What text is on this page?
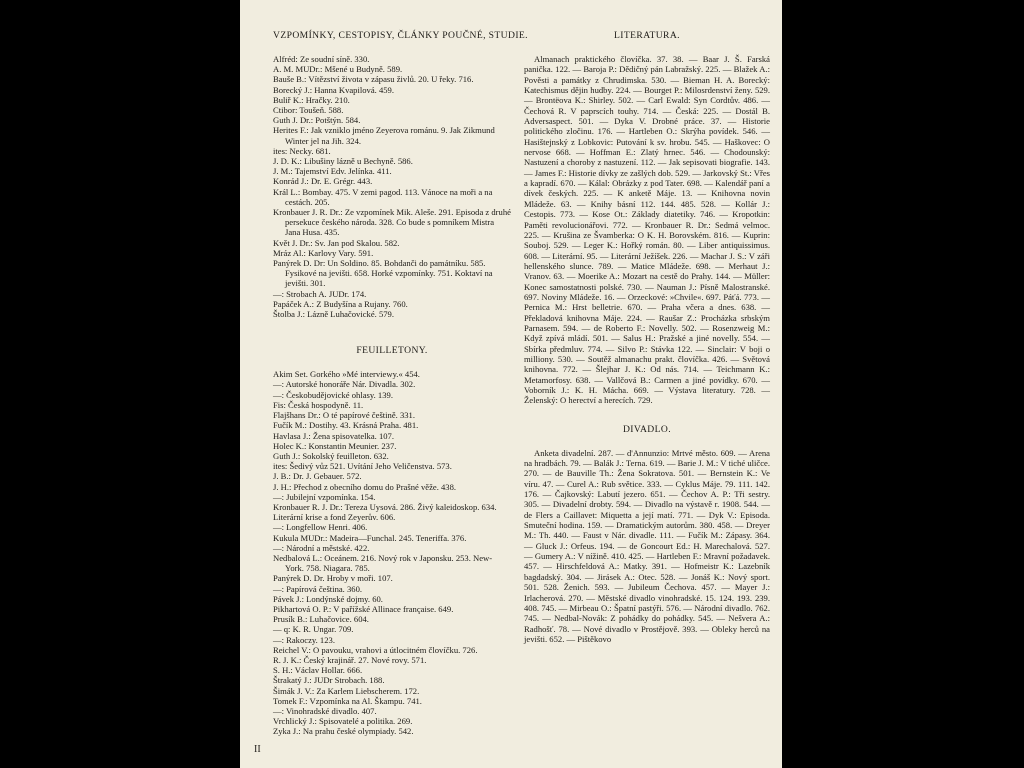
VZPOMÍNKY, CESTOPISY, ČLÁNKY POUČNÉ, STUDIE.

Alfréd: Ze soudní síně. 330.

A. M. MUDr.: Mšené u Budyně. 589.

Bauše B.: Vítězství života v zápasu živlů. 20. U řeky. 716.

Borecký J.: Hanna Kvapilová. 459.

Buliř K.: Hračky. 210.

Ctibor: Toušeň. 588.

Guth J. Dr.: Potštýn. 584.

Herites F.: Jak vzniklo jméno Zeyerova románu. 9. Jak Zikmund Winter jel na Jih. 324.

ites: Necky. 681.

J. D. K.: Libušiny lázně u Bechyně. 586.

J. M.: Tajemství Edv. Jelínka. 411.

Konrád J.: Dr. E. Grégr. 443.

Král L.: Bombay. 475. V zemi pagod. 113. Vánoce na moři a na cestách. 205.

Kronbauer J. R. Dr.: Ze vzpomínek Mik. Aleše. 291. Episoda z druhé persekuce českého národa. 328. Co bude s pomníkem Mistra Jana Husa. 435.

Květ J. Dr.: Sv. Jan pod Skalou. 582.

Mráz Al.: Karlovy Vary. 591.

Panýrek D. Dr: Un Soldino. 85. Bohdanči do památníku. 585. Fysikové na jevišti. 658. Horké vzpomínky. 751. Koktaví na jevišti. 301.

—: Strobach A. JUDr. 174.

Papáček A.: Z Budyšína a Rujany. 760.

Štolba J.: Lázně Luhačovické. 579.

FEUILLETONY.

Akim Set. Gorkého »Mé interviewy.« 454.

—: Autorské honoráře Nár. Divadla. 302.

—: Českobudějovické ohlasy. 139.

Fis: Česká hospodyně. 11.

Flajšhans Dr.: O té papírové češtině. 331.

Fučík M.: Dostihy. 43. Krásná Praha. 481.

Havlasa J.: Žena spisovatelka. 107.

Holec K.: Konstantin Meunier. 237.

Guth J.: Sokolský feuilleton. 632.

ites: Šedivý vůz 521. Uvítání Jeho Veličenstva. 573.

J. B.: Dr. J. Gebauer. 572.

J. H.: Přechod z obecního domu do Prašné věže. 438.

—: Jubilejní vzpomínka. 154.

Kronbauer R. J. Dr.: Tereza Uysová. 286. Živý kaleidoskop. 634.

Literární krise a fond Zeyerův. 606.

—: Longfellow Henri. 406.

Kukula MUDr.: Madeira—Funchal. 245. Teneriffa. 376.

—: Národní a městské. 422.

Nedbalová L.: Oceánem. 216. Nový rok v Japonsku. 253. New-York. 758. Niagara. 785.

Panýrek D. Dr. Hroby v moři. 107.

—: Papírová čeština. 360.

Pávek J.: Londýnské dojmy. 60.

Pikhartová O. P.: V pařížské Allinace française. 649.

Prusík B.: Luhačovice. 604.

— q: K. R. Ungar. 709.

—: Rakoczy. 123.

Reichel V.: O pavouku, vrahovi a útlocitném človíčku. 726.

R. J. K.: Český krajinář. 27. Nové rovy. 571.

S. H.: Václav Hollar. 666.

Štrakatý J.: JUDr Strobach. 188.

Šimák J. V.: Za Karlem Liebscherem. 172.

Tomek F.: Vzpomínka na Al. Škampu. 741.

—: Vinohradské divadlo. 407.

Vrchlický J.: Spisovatelé a politika. 269.

Zyka J.: Na prahu české olympiady. 542.

LITERATURA.

Almanach praktického človíčka. 37. 38. — Baar J. Š. Farská panička. 122. — Baroja P.: Dědičný pán Labražský. 225. — Blažek A.: Pověsti a památky z Chrudimska. 530. — Bieman H. A. Borecký: Katechismus dějin hudby. 224. — Bourget P.: Milosrdenství ženy. 529. — Brontëova K.: Shirley. 502. — Carl Ewald: Syn Cordtův. 486. — Čechová R. V paprscích touhy. 714. — Česká: 225. — Dostál B. Adversaspect. 501. — Dyka V. Drobné práce. 37. — Historie politického zločinu. 176. — Hartleben O.: Skrýha povídek. 546. — Hasištejnský z Lobkovic: Putování k sv. hrobu. 545. — Haškovec: O nervose 668. — Hoffman E.: Zlatý hrnec. 546. — Chodounský: Nastuzení a choroby z nastuzení. 112. — Jak sepisovati biografie. 143. — James F.: Historie dívky ze zašlých dob. 529. — Jarkovský St.: Vřes a kapradí. 670. — Kálal: Obrázky z pod Tater. 698. — Kalendář paní a dívek českých. 225. — K anketě Máje. 13. — Knihovna novin Mládeže. 63. — Knihy básní 112. 144. 485. 528. — Kollár J.: Cestopis. 773. — Kose Ot.: Základy diatetiky. 746. — Kropotkin: Paměti revolucionářovi. 772. — Kronbauer R. Dr.: Sedmá velmoc. 225. — Krušina ze Švamberka: O K. H. Borovském. 816. — Kuprin: Souboj. 529. — Leger K.: Hořký román. 80. — Liber antiquissimus. 608. — Literární. 95. — Literární Ježíšek. 226. — Machar J. S.: V záři hellenského slunce. 789. — Matice Mládeže. 698. — Merhaut J.: Vranov. 63. — Moerike A.: Mozart na cestě do Prahy. 144. — Müller: Konec samostatnosti polské. 730. — Nauman J.: Písně Malostranské. 697. Noviny Mládeže. 16. — Orzeckové: »Chvile«. 697. Páťá. 773. — Pernica M.: Hrst belletrie. 670. — Praha včera a dnes. 638. — Překladová knihovna Máje. 224. — Raušar Z.: Procházka srbským Parnasem. 594. — de Roberto F.: Novelly. 502. — Rosenzweig M.: Když zpívá mládí. 501. — Salus H.: Pražské a jiné novelly. 554. — Sbírka předmluv. 774. — Silvo P.: Stávka 122. — Sinclair: V boji o milliony. 530. — Soutěž almanachu prakt. človíčka. 426. — Světová knihovna. 772. — Šlejhar J. K.: Od nás. 714. — Teichmann K.: Metamorfosy. 638. — Vallčová B.: Carmen a jiné povídky. 670. — Voborník J.: K. H. Mácha. 669. — Výstava literatury. 728. — Želenský: O herectví a herecích. 729.

DIVADLO.

Anketa divadelní. 287. — d'Annunzio: Mrtvé město. 609. — Arena na hradbách. 79. — Balák J.: Terna. 619. — Barie J. M.: V tiché uličce. 270. — de Bauville Th.: Žena Sokratova. 501. — Bernstein K.: Ve víru. 47. — Curel A.: Rub světice. 333. — Cyklus Máje. 79. 111. 142. 176. — Čajkovský: Labutí jezero. 651. — Čechov A. P.: Tři sestry. 305. — Divadelní drobty. 594. — Divadlo na výstavě r. 1908. 544. — de Flers a Caillavet: Miquetta a její matí. 771. — Dyk V.: Episoda. Smuteční hodina. 159. — Dramatickým autorům. 380. 458. — Dreyer M.: Th. 440. — Faust v Nár. divadle. 111. — Fučík M.: Zápasy. 364. — Gluck J.: Orfeus. 194. — de Goncourt Ed.: H. Marechalová. 527. — Gumery A.: V nížině. 410. 425. — Hartleben F.: Mravní požadavek. 457. — Hirschfeldová A.: Matky. 391. — Hofmeistr K.: Lazebník bagdadský. 304. — Jirásek A.: Otec. 528. — Jonáš K.: Nový sport. 501. 528. Ženich. 593. — Jubileum Čechova. 457. — Mayer J.: Irlacherová. 270. — Městské divadlo vinohradské. 15. 124. 193. 239. 408. 745. — Mirbeau O.: Špatní pastýři. 576. — Národní divadlo. 762. 745. — Nedbal-Novák: Z pohádky do pohádky. 545. — Nešvera A.: Radhošť. 78. — Nové divadlo v Prostějově. 393. — Obleky herců na jevišti. 652. — Pištěkovo

II
